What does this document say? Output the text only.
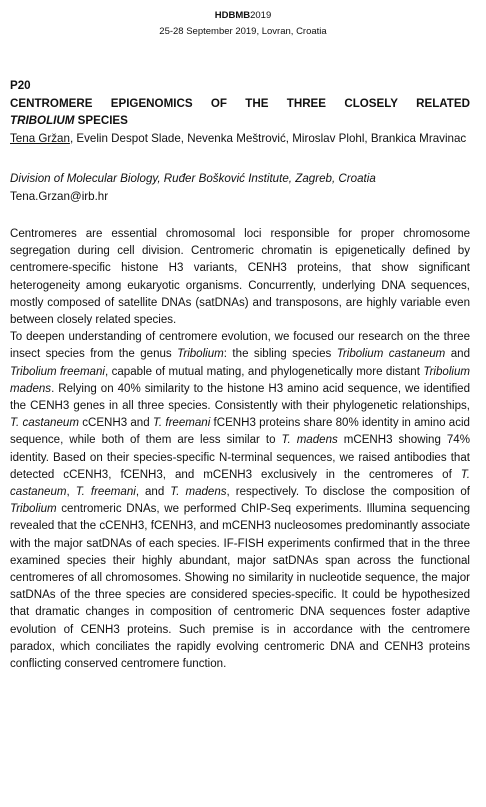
HDBMB2019
25-28 September 2019, Lovran, Croatia
P20
CENTROMERE EPIGENOMICS OF THE THREE CLOSELY RELATED
TRIBOLIUM SPECIES
Tena Gržan, Evelin Despot Slade, Nevenka Meštrović, Miroslav Plohl, Brankica Mravinac
Division of Molecular Biology, Ruđer Bošković Institute, Zagreb, Croatia
Tena.Grzan@irb.hr

Centromeres are essential chromosomal loci responsible for proper chromosome segregation during cell division. Centromeric chromatin is epigenetically defined by centromere-specific histone H3 variants, CENH3 proteins, that show significant heterogeneity among eukaryotic organisms. Concurrently, underlying DNA sequences, mostly composed of satellite DNAs (satDNAs) and transposons, are highly variable even between closely related species.

To deepen understanding of centromere evolution, we focused our research on the three insect species from the genus Tribolium: the sibling species Tribolium castaneum and Tribolium freemani, capable of mutual mating, and phylogenetically more distant Tribolium madens. Relying on 40% similarity to the histone H3 amino acid sequence, we identified the CENH3 genes in all three species. Consistently with their phylogenetic relationships, T. castaneum cCENH3 and T. freemani fCENH3 proteins share 80% identity in amino acid sequence, while both of them are less similar to T. madens mCENH3 showing 74% identity. Based on their species-specific N-terminal sequences, we raised antibodies that detected cCENH3, fCENH3, and mCENH3 exclusively in the centromeres of T. castaneum, T. freemani, and T. madens, respectively. To disclose the composition of Tribolium centromeric DNAs, we performed ChIP-Seq experiments. Illumina sequencing revealed that the cCENH3, fCENH3, and mCENH3 nucleosomes predominantly associate with the major satDNAs of each species. IF-FISH experiments confirmed that in the three examined species their highly abundant, major satDNAs span across the functional centromeres of all chromosomes. Showing no similarity in nucleotide sequence, the major satDNAs of the three species are considered species-specific. It could be hypothesized that dramatic changes in composition of centromeric DNA sequences foster adaptive evolution of CENH3 proteins. Such premise is in accordance with the centromere paradox, which conciliates the rapidly evolving centromeric DNA and CENH3 proteins conflicting conserved centromere function.
